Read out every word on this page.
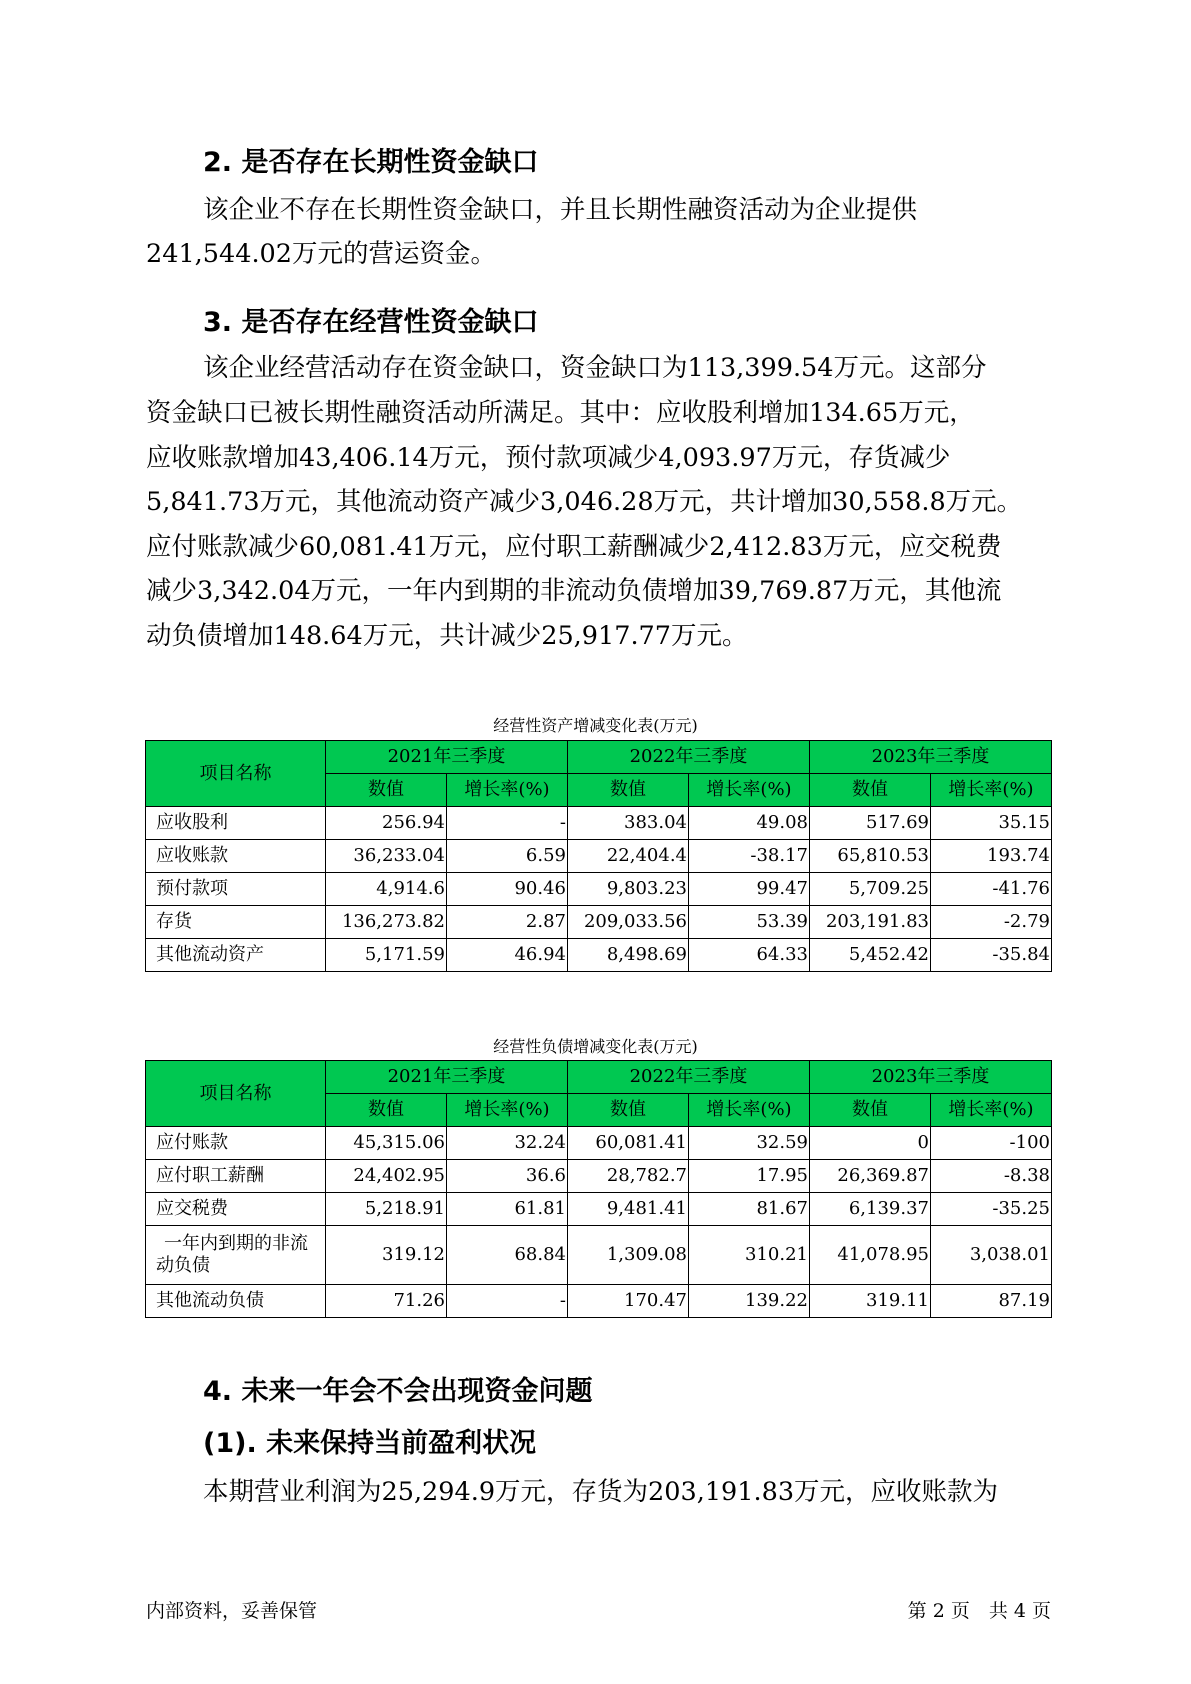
2. 是否存在长期性资金缺口

该企业不存在长期性资金缺口，并且长期性融资活动为企业提供

241,544.02万元的营运资金。

3. 是否存在经营性资金缺口

该企业经营活动存在资金缺口，资金缺口为113,399.54万元。这部分

资金缺口已被长期性融资活动所满足。其中：应收股利增加134.65万元，

应收账款增加43,406.14万元，预付款项减少4,093.97万元，存货减少

5,841.73万元，其他流动资产减少3,046.28万元，共计增加30,558.8万元。

应付账款减少60,081.41万元，应付职工薪酬减少2,412.83万元，应交税费

减少3,342.04万元，一年内到期的非流动负债增加39,769.87万元，其他流

动负债增加148.64万元，共计减少25,917.77万元。

经营性资产增减变化表(万元)
项目名称	2021年三季度		2022年三季度		2023年三季度	
	数值	增长率(%)	数值	增长率(%)	数值	增长率(%)
应收股利	256.94	-	383.04	49.08	517.69	35.15
应收账款	36,233.04	6.59	22,404.4	-38.17	65,810.53	193.74
预付款项	4,914.6	90.46	9,803.23	99.47	5,709.25	-41.76
存货	136,273.82	2.87	209,033.56	53.39	203,191.83	-2.79
其他流动资产	5,171.59	46.94	8,498.69	64.33	5,452.42	-35.84
经营性负债增减变化表(万元)
项目名称	2021年三季度		2022年三季度		2023年三季度	
	数值	增长率(%)	数值	增长率(%)	数值	增长率(%)
应付账款	45,315.06	32.24	60,081.41	32.59	0	-100
应付职工薪酬	24,402.95	36.6	28,782.7	17.95	26,369.87	-8.38
应交税费	5,218.91	61.81	9,481.41	81.67	6,139.37	-35.25

一年内到期的非流
动负债	319.12	68.84	1,309.08	310.21	41,078.95	3,038.01
其他流动负债	71.26	-	170.47	139.22	319.11	87.19
4. 未来一年会不会出现资金问题
(1). 未来保持当前盈利状况

本期营业利润为25,294.9万元，存货为203,191.83万元，应收账款为

内部资料，妥善保管	第 2 页　共 4 页
